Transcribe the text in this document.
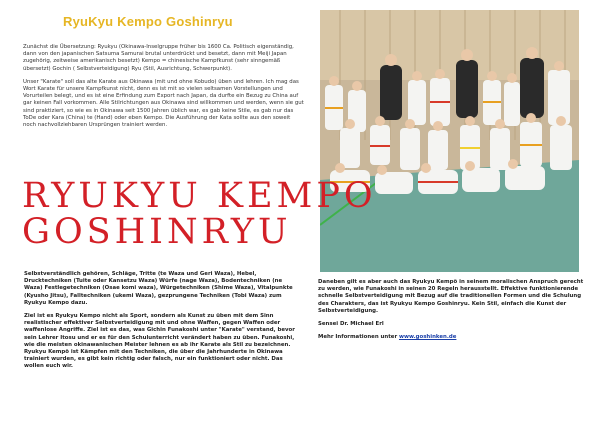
RyuKyu Kempo Goshinryu

Zunächst die Übersetzung: Ryukyu (Okinawa-Inselgruppe früher bis 1600 Ca. Politisch eigenständig, dann von den japanischen Satsuma Samurai brutal unterdrückt und besetzt, dann mit Meiji Japan zugehörig, zeitweise amerikanisch besetzt) Kempo = chinesische Kampfkunst (sehr sinngemäß übersetzt) Gochin ( Selbstverteidigung) Ryu (Stil, Ausrichtung, Schwerpunkt).

Unser "Karate" soll das alte Karate aus Okinawa (mit und ohne Kobudo) üben und lehren. Ich mag das Wort Karate für unsere Kampfkunst nicht, denn es ist mit so vielen seltsamen Vorstellungen und Vorurteilen belegt, und es ist eine Erfindung zum Export nach Japan, da durfte ein Bezug zu China auf gar keinen Fall vorkommen. Alle Stilrichtungen aus Okinawa sind willkommen und werden, wenn sie gut sind praktiziert, so wie es in Okinawa seit 1500 Jahren üblich war, es gab keine Stile, es gab nur das ToDe oder Kara (China) te (Hand) oder eben Kempo. Die Ausführung der Kata sollte aus den soweit noch nachvollziehbaren Ursprüngen trainiert werden.

RYUKYU KEMPO
GOSHINRYU

Selbstverständlich gehören, Schläge, Tritte (te Waza und Geri Waza), Hebel, Drucktechniken (Tuite oder Kansetzu Waza) Würfe (nage Waza), Bodentechniken (ne Waza) Festlegetechniken (Osae komi waza), Würgetechniken (Shime Waza), Vitalpunkte (Kyusho Jitsu), Falltechniken (ukemi Waza), gezprungene Techniken (Tobi Waza) zum Ryukyu Kempo dazu.

Ziel ist es Ryukyu Kempo nicht als Sport, sondern als Kunst zu üben mit dem Sinn realistischer effektiver Selbstverteidigung mit und ohne Waffen, gegen Waffen oder waffenlose Angriffe. Ziel ist es das, was Gichin Funakoshi unter "Karate" verstand, bevor sein Lehrer Itosu und er es für den Schulunterricht verändert haben zu üben. Funakoshi, wie die meisten okinawanischen Meister lehnen es ab ihr Karate als Stil zu bezeichnen. Ryukyu Kempö ist Kämpfen mit den Techniken, die über die Jahrhunderte in Okinawa trainiert wurden, es gibt kein richtig oder falsch, nur ein funktioniert oder nicht. Das wollen euch wir.

Daneben gilt es aber auch das Ryukyu Kempö in seinem moralischen Anspruch gerecht zu werden, wie Funakoshi in seinen 20 Regeln herausstellt. Effektive funktionierende schnelle Selbstverteidigung mit Bezug auf die traditionellen Formen und die Schulung des Charakters, das ist Ryukyu Kempo Goshinryu. Kein Stil, einfach die Kunst der Selbstverteidigung.

Sensei Dr. Michael Erl

Mehr Informationen unter www.goshinken.de
